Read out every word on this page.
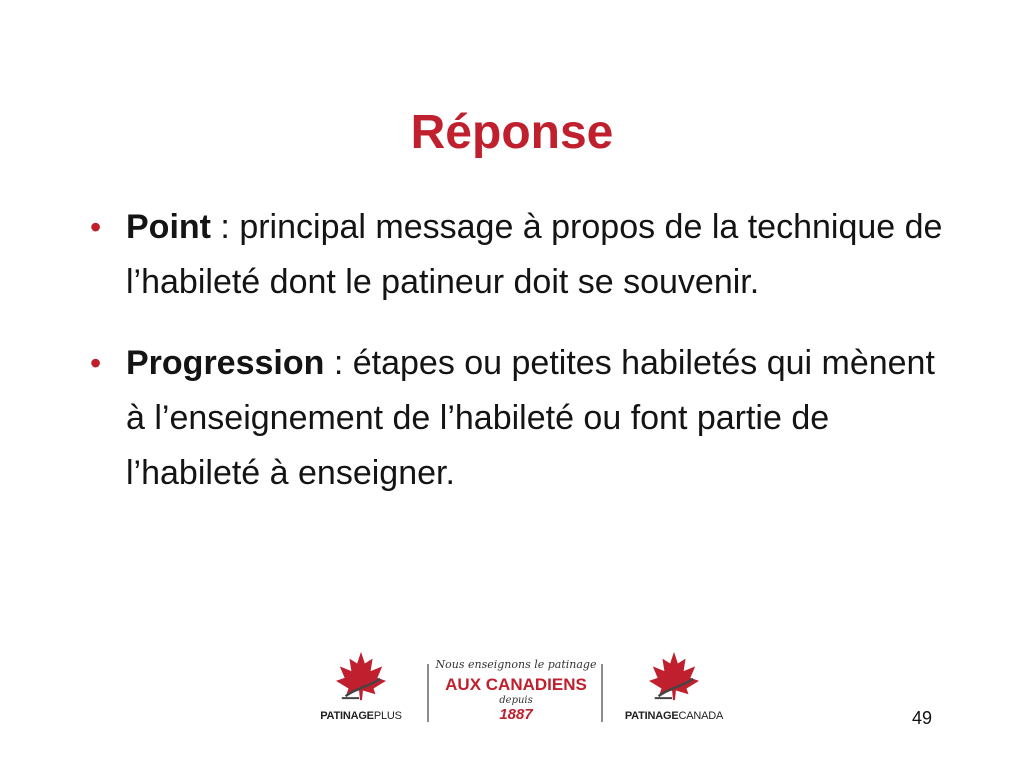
Réponse
• Point : principal message à propos de la technique de l’habileté dont le patineur doit se souvenir.
• Progression : étapes ou petites habiletés qui mènent à l’enseignement de l’habileté ou font partie de l’habileté à enseigner.
PATINAGEPLUS
Nous enseignons le patinage
AUX CANADIENS
depuis
1887	PATINAGECANADA	49
